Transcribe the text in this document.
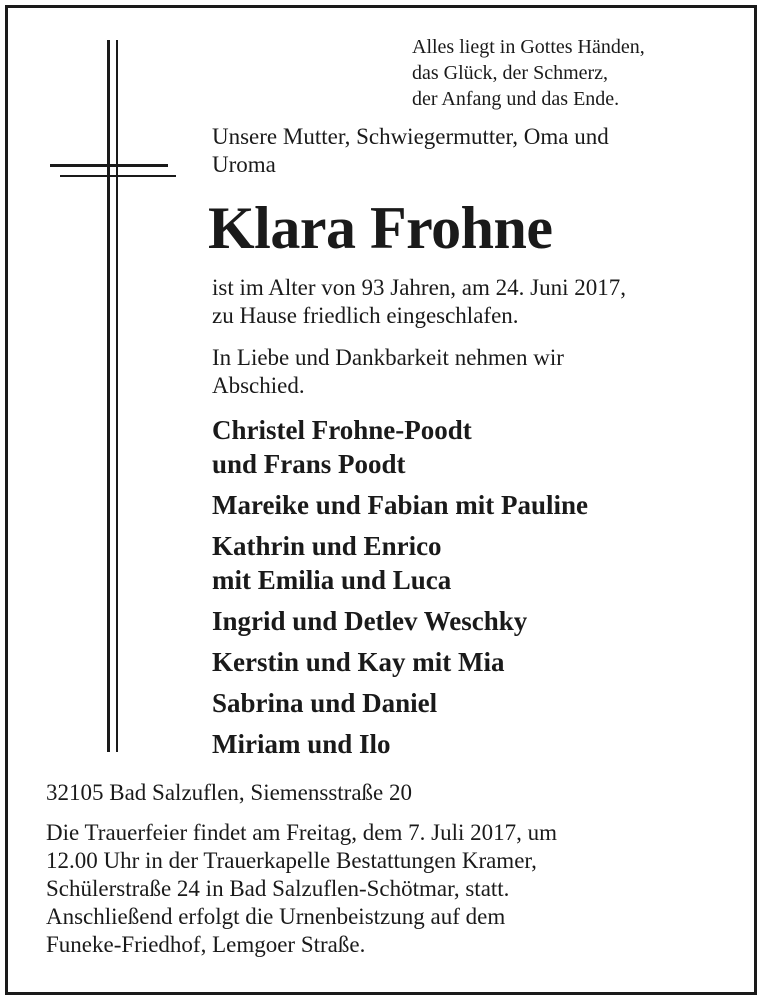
Alles liegt in Gottes Händen,
das Glück, der Schmerz,
der Anfang und das Ende.
Unsere Mutter, Schwiegermutter, Oma und
Uroma
Klara Frohne
ist im Alter von 93 Jahren, am 24. Juni 2017,
zu Hause friedlich eingeschlafen.
In Liebe und Dankbarkeit nehmen wir
Abschied.
Christel Frohne-Poodt
und Frans Poodt
Mareike und Fabian mit Pauline
Kathrin und Enrico
mit Emilia und Luca
Ingrid und Detlev Weschky
Kerstin und Kay mit Mia
Sabrina und Daniel
Miriam und Ilo
32105 Bad Salzuflen, Siemensstraße 20
Die Trauerfeier findet am Freitag, dem 7. Juli 2017, um
12.00 Uhr in der Trauerkapelle Bestattungen Kramer,
Schülerstraße 24 in Bad Salzuflen-Schötmar, statt.
Anschließend erfolgt die Urnenbeistzung auf dem
Funeke-Friedhof, Lemgoer Straße.
